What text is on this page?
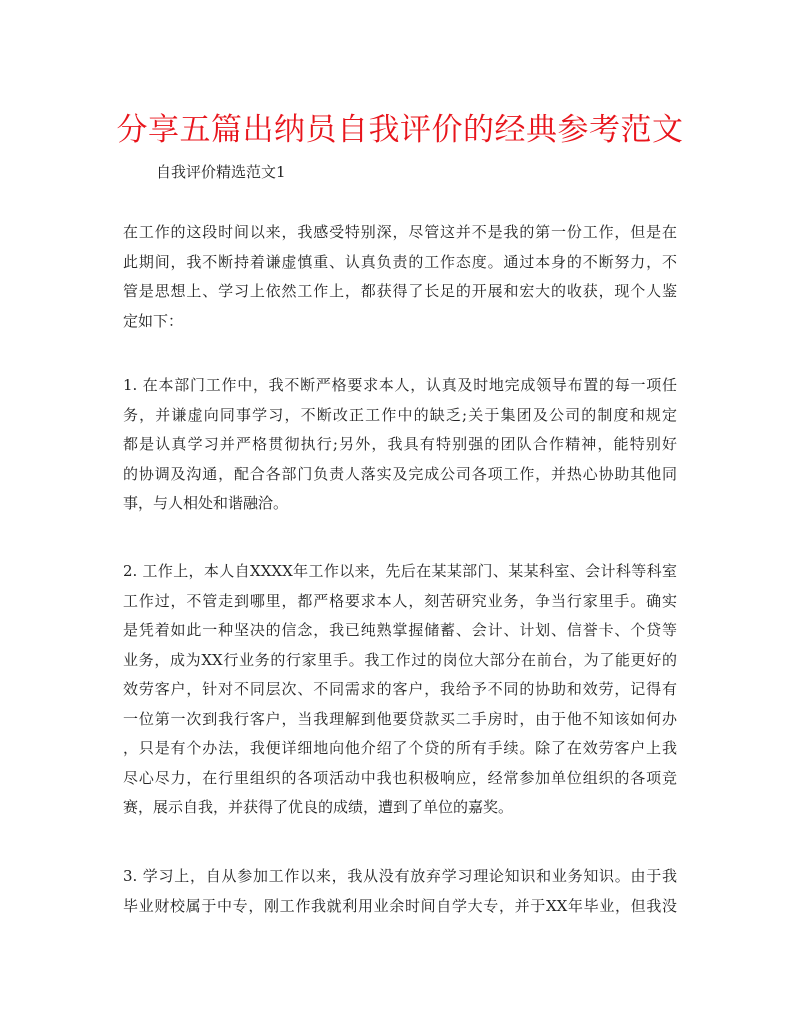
分享五篇出纳员自我评价的经典参考范文
自我评价精选范文1
在工作的这段时间以来，我感受特别深，尽管这并不是我的第一份工作，但是在
此期间，我不断持着谦虚慎重、认真负责的工作态度。通过本身的不断努力，不
管是思想上、学习上依然工作上，都获得了长足的开展和宏大的收获，现个人鉴
定如下：
1. 在本部门工作中，我不断严格要求本人，认真及时地完成领导布置的每一项任
务，并谦虚向同事学习，不断改正工作中的缺乏;关于集团及公司的制度和规定
都是认真学习并严格贯彻执行;另外，我具有特别强的团队合作精神，能特别好
的协调及沟通，配合各部门负责人落实及完成公司各项工作，并热心协助其他同
事，与人相处和谐融洽。
2. 工作上，本人自XXXX年工作以来，先后在某某部门、某某科室、会计科等科室
工作过，不管走到哪里，都严格要求本人，刻苦研究业务，争当行家里手。确实
是凭着如此一种坚决的信念，我已纯熟掌握储蓄、会计、计划、信誉卡、个贷等
业务，成为XX行业务的行家里手。我工作过的岗位大部分在前台，为了能更好的
效劳客户，针对不同层次、不同需求的客户，我给予不同的协助和效劳，记得有
一位第一次到我行客户，当我理解到他要贷款买二手房时，由于他不知该如何办
，只是有个办法，我便详细地向他介绍了个贷的所有手续。除了在效劳客户上我
尽心尽力，在行里组织的各项活动中我也积极响应，经常参加单位组织的各项竞
赛，展示自我，并获得了优良的成绩，遭到了单位的嘉奖。
3. 学习上，自从参加工作以来，我从没有放弃学习理论知识和业务知识。由于我
毕业财校属于中专，刚工作我就利用业余时间自学大专，并于XX年毕业，但我没
